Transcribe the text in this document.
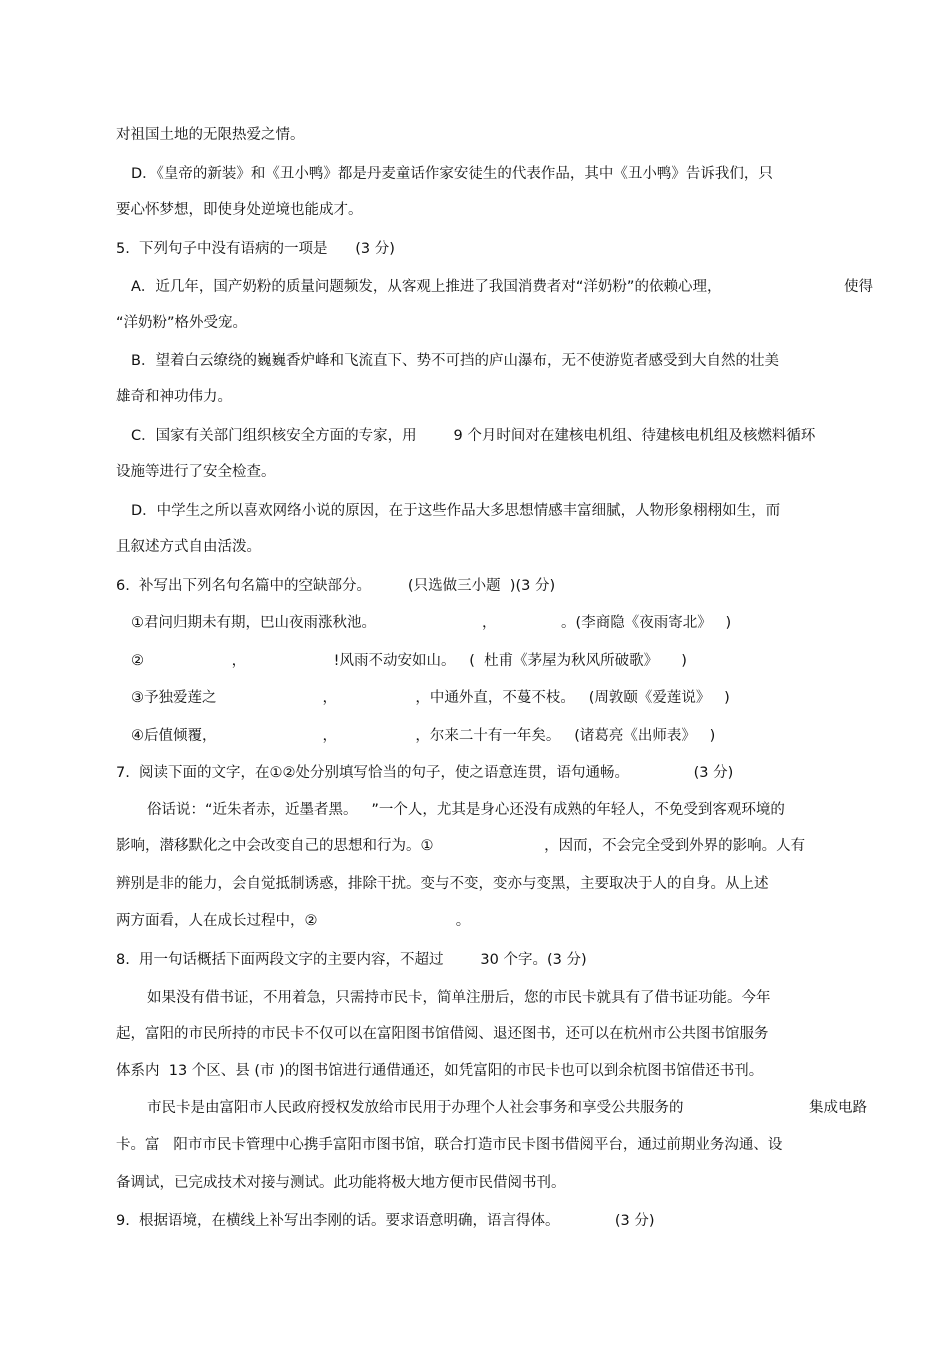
对祖国土地的无限热爱之情。
D．《皇帝的新装》和《丑小鸭》都是丹麦童话作家安徒生的代表作品，其中《丑小鸭》告诉我们，只
要心怀梦想，即使身处逆境也能成才。
5.  下列句子中没有语病的一项是      (3 分)
A．近几年，国产奶粉的质量问题频发，从客观上推进了我国消费者对“洋奶粉”的依赖心理，	使得
“洋奶粉”格外受宠。
B．望着白云缭绕的巍巍香炉峰和飞流直下、势不可挡的庐山瀑布，无不使游览者感受到大自然的壮美
雄奇和神功伟力。
C．国家有关部门组织核安全方面的专家，用        9 个月时间对在建核电机组、待建核电机组及核燃料循环
设施等进行了安全检查。
D．中学生之所以喜欢网络小说的原因，在于这些作品大多思想情感丰富细腻，人物形象栩栩如生，而
且叙述方式自由活泼。
6.  补写出下列名句名篇中的空缺部分。        (只选做三小题  )(3 分)
①君问归期未有期，巴山夜雨涨秋池。                       ，              。(李商隐《夜雨寄北》   )
②                   ，                   !风雨不动安如山。   (  杜甫《茅屋为秋风所破歌》     )
③予独爱莲之                       ，                 ，中通外直，不蔓不枝。   (周敦颐《爱莲说》   )
④后值倾覆，                       ，                 ，尔来二十有一年矣。   (诸葛亮《出师表》   )
7.  阅读下面的文字，在①②处分别填写恰当的句子，使之语意连贯，语句通畅。              (3 分)
俗话说：“近朱者赤，近墨者黑。   ”一个人，尤其是身心还没有成熟的年轻人，不免受到客观环境的
影响，潜移默化之中会改变自己的思想和行为。①                        ，因而，不会完全受到外界的影响。人有
辨别是非的能力，会自觉抵制诱惑，排除干扰。变与不变，变亦与变黑，主要取决于人的自身。从上述
两方面看，人在成长过程中，②                              。
8.  用一句话概括下面两段文字的主要内容，不超过        30 个字。(3 分)
如果没有借书证，不用着急，只需持市民卡，简单注册后，您的市民卡就具有了借书证功能。今年
起，富阳的市民所持的市民卡不仅可以在富阳图书馆借阅、退还图书，还可以在杭州市公共图书馆服务
体系内  13 个区、县 (市 )的图书馆进行通借通还，如凭富阳的市民卡也可以到余杭图书馆借还书刊。
市民卡是由富阳市人民政府授权发放给市民用于办理个人社会事务和享受公共服务的	集成电路
卡。富   阳市市民卡管理中心携手富阳市图书馆，联合打造市民卡图书借阅平台，通过前期业务沟通、设
备调试，已完成技术对接与测试。此功能将极大地方便市民借阅书刊。
9.  根据语境，在横线上补写出李刚的话。要求语意明确，语言得体。            (3 分)
